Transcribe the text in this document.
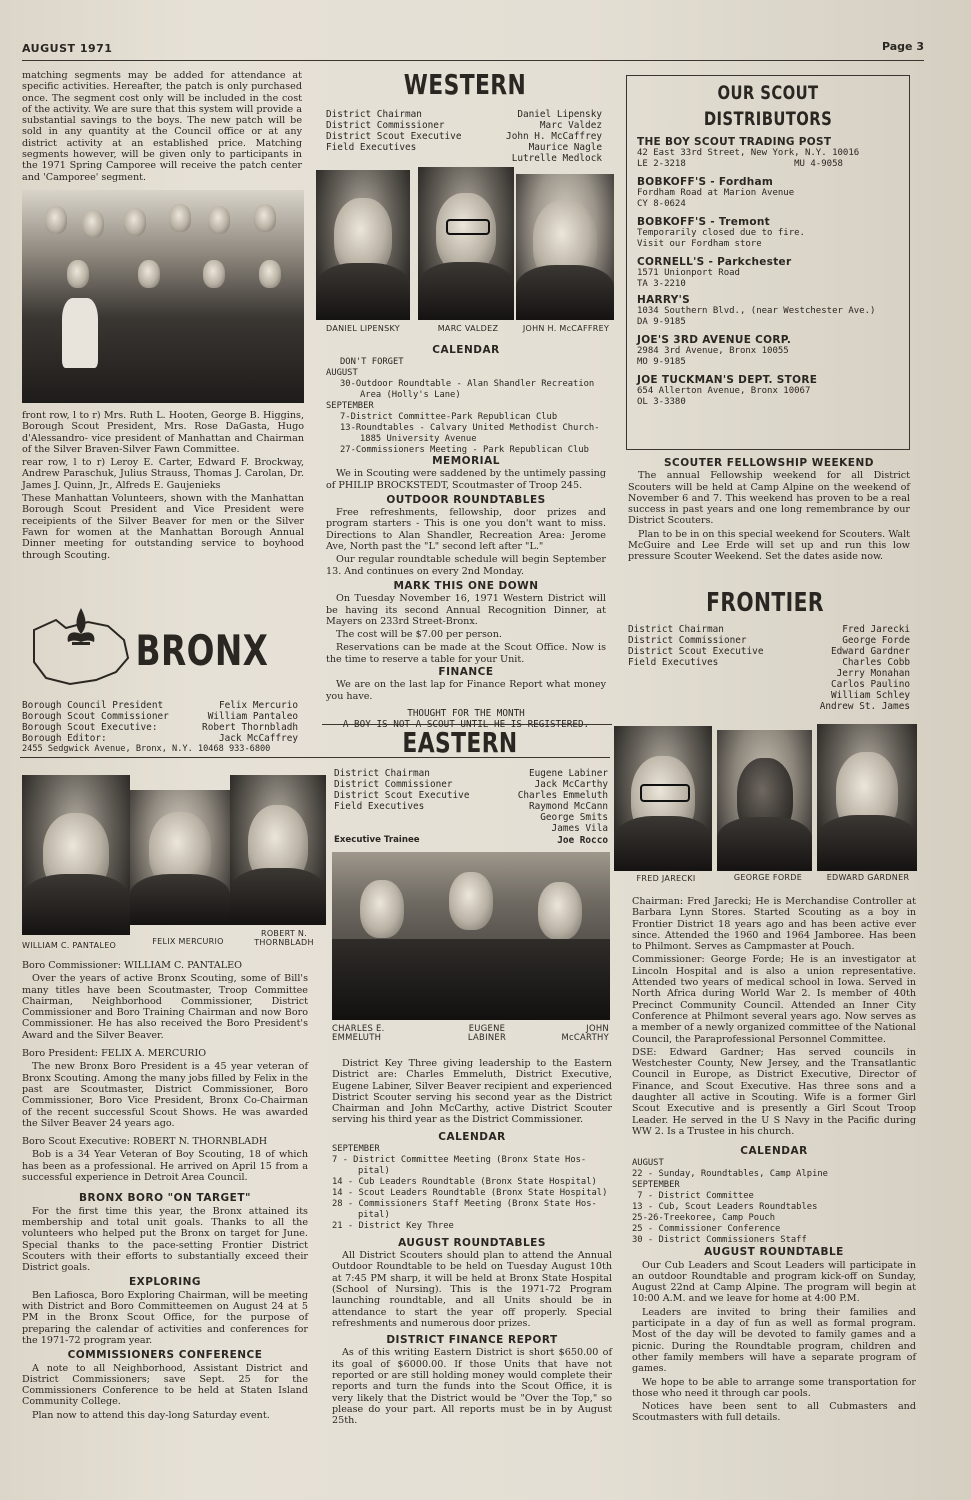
AUGUST 1971	Page 3

matching segments may be added for attendance at specific activities. Hereafter, the patch is only purchased once. The segment cost only will be included in the cost of the activity. We are sure that this system will provide a substantial savings to the boys. The new patch will be sold in any quantity at the Council office or at any district activity at an established price. Matching segments however, will be given only to participants in the 1971 Spring Camporee will receive the patch center and 'Camporee' segment.

front row, l to r) Mrs. Ruth L. Hooten, George B. Higgins, Borough Scout President, Mrs. Rose DaGasta, Hugo d'Alessandro- vice president of Manhattan and Chairman of the Silver Braven-Silver Fawn Committee.

rear row, l to r) Leroy E. Carter, Edward F. Brockway, Andrew Paraschuk, Julius Strauss, Thomas J. Carolan, Dr. James J. Quinn, Jr., Alfreds E. Gaujenieks

These Manhattan Volunteers, shown with the Manhattan Borough Scout President and Vice President were receipients of the Silver Beaver for men or the Silver Fawn for women at the Manhattan Borough Annual Dinner meeting for outstanding service to boyhood through Scouting.

BRONX
Borough Council President	Felix Mercurio
Borough Scout Commissioner	William Pantaleo
Borough Scout Executive:	Robert Thornbladh
Borough Editor:	Jack McCaffrey
2455 Sedgwick Avenue, Bronx, N.Y. 10468 933-6800
WILLIAM C. PANTALEO	FELIX MERCURIO
ROBERT N. THORNBLADH

Boro Commissioner: WILLIAM C. PANTALEO

Over the years of active Bronx Scouting, some of Bill's many titles have been Scoutmaster, Troop Committee Chairman, Neighborhood Commissioner, District Commissioner and Boro Training Chairman and now Boro Commissioner. He has also received the Boro President's Award and the Silver Beaver.

Boro President: FELIX A. MERCURIO

The new Bronx Boro President is a 45 year veteran of Bronx Scouting. Among the many jobs filled by Felix in the past are Scoutmaster, District Commissioner, Boro Commissioner, Boro Vice President, Bronx Co-Chairman of the recent successful Scout Shows. He was awarded the Silver Beaver 24 years ago.

Boro Scout Executive: ROBERT N. THORNBLADH

Bob is a 34 Year Veteran of Boy Scouting, 18 of which has been as a professional. He arrived on April 15 from a successful experience in Detroit Area Council.

BRONX BORO "ON TARGET"

For the first time this year, the Bronx attained its membership and total unit goals. Thanks to all the volunteers who helped put the Bronx on target for June. Special thanks to the pace-setting Frontier District Scouters with their efforts to substantially exceed their District goals.

EXPLORING

Ben Lafiosca, Boro Exploring Chairman, will be meeting with District and Boro Committeemen on August 24 at 5 PM in the Bronx Scout Office, for the purpose of preparing the calendar of activities and conferences for the 1971-72 program year.

COMMISSIONERS CONFERENCE

A note to all Neighborhood, Assistant District and District Commissioners; save Sept. 25 for the Commissioners Conference to be held at Staten Island Community College.

Plan now to attend this day-long Saturday event.

WESTERN
District Chairman	Daniel Lipensky
District Commissioner	Marc Valdez
District Scout Executive	John H. McCaffrey
Field Executives	Maurice Nagle
Lutrelle Medlock
DANIEL LIPENSKY	MARC VALDEZ	JOHN H. McCAFFREY
CALENDAR
DON'T FORGET
AUGUST
30-Outdoor Roundtable - Alan Shandler Recreation
Area (Holly's Lane)
SEPTEMBER
7-District Committee-Park Republican Club
13-Roundtables - Calvary United Methodist Church-
1885 University Avenue
27-Commissioners Meeting - Park Republican Club
MEMORIAL

We in Scouting were saddened by the untimely passing of PHILIP BROCKSTEDT, Scoutmaster of Troop 245.

OUTDOOR ROUNDTABLES

Free refreshments, fellowship, door prizes and program starters - This is one you don't want to miss. Directions to Alan Shandler, Recreation Area: Jerome Ave, North past the "L" second left after "L."

Our regular roundtable schedule will begin September 13. And continues on every 2nd Monday.

MARK THIS ONE DOWN

On Tuesday November 16, 1971 Western District will be having its second Annual Recognition Dinner, at Mayers on 233rd Street-Bronx.

The cost will be $7.00 per person.

Reservations can be made at the Scout Office. Now is the time to reserve a table for your Unit.

FINANCE

We are on the last lap for Finance Report what money you have.

THOUGHT FOR THE MONTH
A BOY IS NOT A SCOUT UNTIL HE IS REGISTERED.
EASTERN
District Chairman	Eugene Labiner
District Commissioner	Jack McCarthy
District Scout Executive	Charles Emmeluth
Field Executives	Raymond McCann
George Smits
James Vila
Executive Trainee	Joe Rocco
CHARLES E. EMMELUTH
EUGENE LABINER
JOHN McCARTHY

District Key Three giving leadership to the Eastern District are: Charles Emmeluth, District Executive, Eugene Labiner, Silver Beaver recipient and experienced District Scouter serving his second year as the District Chairman and John McCarthy, active District Scouter serving his third year as the District Commissioner.

CALENDAR
SEPTEMBER
7 - District Committee Meeting (Bronx State Hos-
pital)
14 - Cub Leaders Roundtable (Bronx State Hospital)
14 - Scout Leaders Roundtable (Bronx State Hospital)
28 - Commissioners Staff Meeting (Bronx State Hos-
pital)
21 - District Key Three
AUGUST ROUNDTABLES

All District Scouters should plan to attend the Annual Outdoor Roundtable to be held on Tuesday August 10th at 7:45 PM sharp, it will be held at Bronx State Hospital (School of Nursing). This is the 1971-72 Program launching roundtable, and all Units should be in attendance to start the year off properly. Special refreshments and numerous door prizes.

DISTRICT FINANCE REPORT

As of this writing Eastern District is short $650.00 of its goal of $6000.00. If those Units that have not reported or are still holding money would complete their reports and turn the funds into the Scout Office, it is very likely that the District would be "Over the Top," so please do your part. All reports must be in by August 25th.

OUR SCOUT DISTRIBUTORS
THE BOY SCOUT TRADING POST
42 East 33rd Street, New York, N.Y. 10016
LE 2-3218                    MU 4-9058
BOBKOFF'S - Fordham
Fordham Road at Marion Avenue
CY 8-0624
BOBKOFF'S - Tremont
Temporarily closed due to fire.
Visit our Fordham store
CORNELL'S - Parkchester
1571 Unionport Road
TA 3-2210
HARRY'S
1034 Southern Blvd., (near Westchester Ave.)
DA 9-9185
JOE'S 3RD AVENUE CORP.
2984 3rd Avenue, Bronx 10055
MO 9-9185
JOE TUCKMAN'S DEPT. STORE
654 Allerton Avenue, Bronx 10067
OL 3-3380
SCOUTER FELLOWSHIP WEEKEND

The annual Fellowship weekend for all District Scouters will be held at Camp Alpine on the weekend of November 6 and 7. This weekend has proven to be a real success in past years and one long remembrance by our District Scouters.

Plan to be in on this special weekend for Scouters. Walt McGuire and Lee Erde will set up and run this low pressure Scouter Weekend. Set the dates aside now.

FRONTIER
District Chairman	Fred Jarecki
District Commissioner	George Forde
District Scout Executive	Edward Gardner
Field Executives	Charles Cobb
Jerry Monahan
Carlos Paulino
William Schley
Andrew St. James
FRED JARECKI	GEORGE FORDE	EDWARD GARDNER

Chairman: Fred Jarecki; He is Merchandise Controller at Barbara Lynn Stores. Started Scouting as a boy in Frontier District 18 years ago and has been active ever since. Attended the 1960 and 1964 Jamboree. Has been to Philmont. Serves as Campmaster at Pouch.

Commissioner: George Forde; He is an investigator at Lincoln Hospital and is also a union representative. Attended two years of medical school in Iowa. Served in North Africa during World War 2. Is member of 40th Precinct Community Council. Attended an Inner City Conference at Philmont several years ago. Now serves as a member of a newly organized committee of the National Council, the Paraprofessional Personnel Committee.

DSE: Edward Gardner; Has served councils in Westchester County, New Jersey, and the Transatlantic Council in Europe, as District Executive, Director of Finance, and Scout Executive. Has three sons and a daughter all active in Scouting. Wife is a former Girl Scout Executive and is presently a Girl Scout Troop Leader. He served in the U S Navy in the Pacific during WW 2. Is a Trustee in his church.

CALENDAR
AUGUST
22 - Sunday, Roundtables, Camp Alpine
SEPTEMBER
7 - District Committee
13 - Cub, Scout Leaders Roundtables
25-26-Treekoree, Camp Pouch
25 - Commissioner Conference
30 - District Commissioners Staff
AUGUST ROUNDTABLE

Our Cub Leaders and Scout Leaders will participate in an outdoor Roundtable and program kick-off on Sunday, August 22nd at Camp Alpine. The program will begin at 10:00 A.M. and we leave for home at 4:00 P.M.

Leaders are invited to bring their families and participate in a day of fun as well as formal program. Most of the day will be devoted to family games and a picnic. During the Roundtable program, children and other family members will have a separate program of games.

We hope to be able to arrange some transportation for those who need it through car pools.

Notices have been sent to all Cubmasters and Scoutmasters with full details.
